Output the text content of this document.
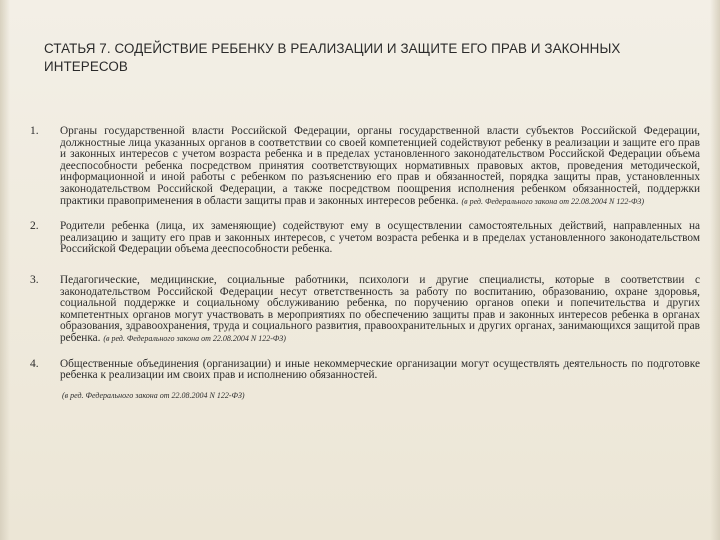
СТАТЬЯ 7. СОДЕЙСТВИЕ РЕБЕНКУ В РЕАЛИЗАЦИИ И ЗАЩИТЕ ЕГО ПРАВ И ЗАКОННЫХ ИНТЕРЕСОВ
1. Органы государственной власти Российской Федерации, органы государственной власти субъектов Российской Федерации, должностные лица указанных органов в соответствии со своей компетенцией содействуют ребенку в реализации и защите его прав и законных интересов с учетом возраста ребенка и в пределах установленного законодательством Российской Федерации объема дееспособности ребенка посредством принятия соответствующих нормативных правовых актов, проведения методической, информационной и иной работы с ребенком по разъяснению его прав и обязанностей, порядка защиты прав, установленных законодательством Российской Федерации, а также посредством поощрения исполнения ребенком обязанностей, поддержки практики правоприменения в области защиты прав и законных интересов ребенка. (в ред. Федерального закона от 22.08.2004 N 122-ФЗ)

2. Родители ребенка (лица, их заменяющие) содействуют ему в осуществлении самостоятельных действий, направленных на реализацию и защиту его прав и законных интересов, с учетом возраста ребенка и в пределах установленного законодательством Российской Федерации объема дееспособности ребенка.

3. Педагогические, медицинские, социальные работники, психологи и другие специалисты, которые в соответствии с законодательством Российской Федерации несут ответственность за работу по воспитанию, образованию, охране здоровья, социальной поддержке и социальному обслуживанию ребенка, по поручению органов опеки и попечительства и других компетентных органов могут участвовать в мероприятиях по обеспечению защиты прав и законных интересов ребенка в органах образования, здравоохранения, труда и социального развития, правоохранительных и других органах, занимающихся защитой прав ребенка. (в ред. Федерального закона от 22.08.2004 N 122-ФЗ)

4. Общественные объединения (организации) и иные некоммерческие организации могут осуществлять деятельность по подготовке ребенка к реализации им своих прав и исполнению обязанностей.

(в ред. Федерального закона от 22.08.2004 N 122-ФЗ)
